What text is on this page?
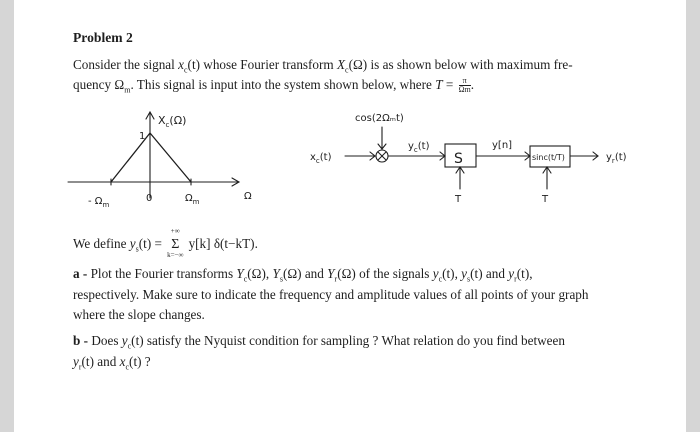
Problem 2
Consider the signal $x_c(t)$ whose Fourier transform $X_c(\Omega)$ is as shown below with maximum fre-
quency $\Omega_m$. This signal is input into the system shown below, where $T = \frac{\pi}{\Omega m}$ .
$X_c(\Omega)$
1
- $\Omega_m$
0	$\Omega_m$	Ω
cos(2Ωₘt)
$x_c(t)$
$y_c(t)$
S
y[n]
sinc(t/T)	$y_r(t)$
T	T
We define $y_s(t)$ =
+∞
Σ
k=−∞
y[k] δ(t−kT).
a - Plot the Fourier transforms $Y_c(\Omega)$, $Y_s(\Omega)$ and $Y_r(\Omega)$ of the signals $y_c(t)$, $y_s(t)$ and $y_r(t)$,
respectively. Make sure to indicate the frequency and amplitude values of all points of your graph
where the slope changes.
b - Does $y_c(t)$ satisfy the Nyquist condition for sampling ? What relation do you find between
$y_r(t)$ and $x_c(t)$ ?
